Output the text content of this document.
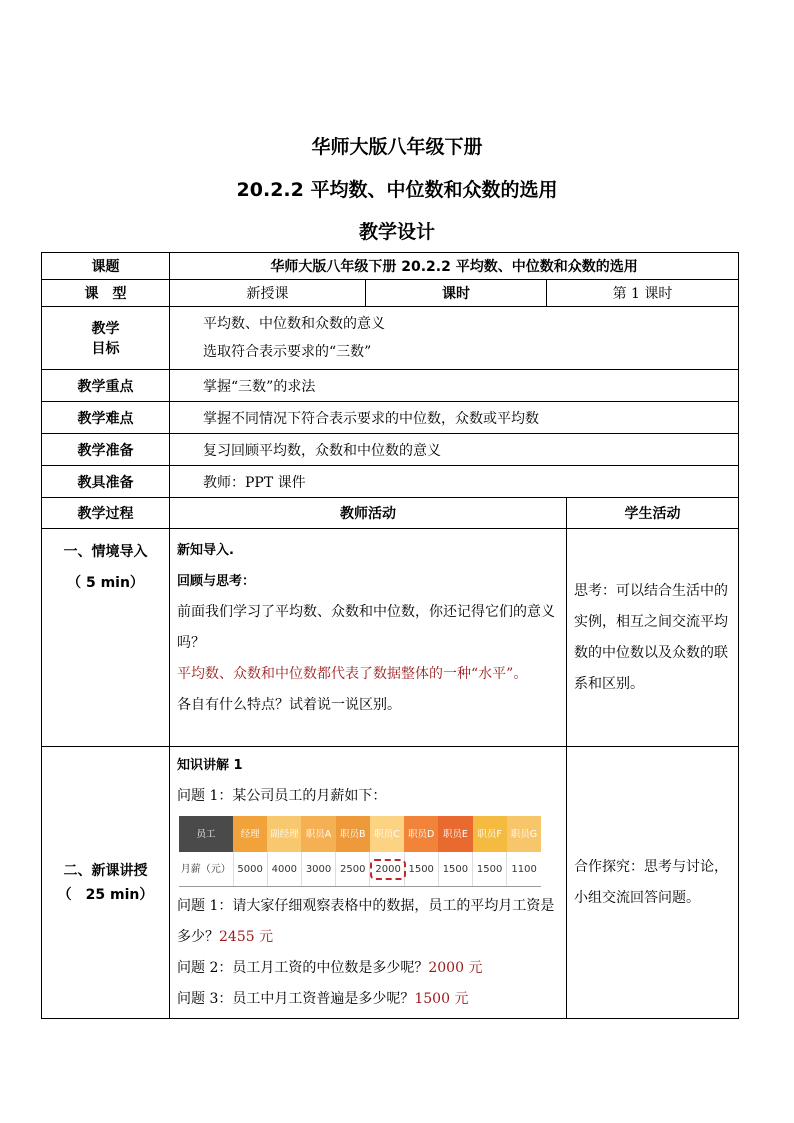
华师大版八年级下册
20.2.2 平均数、中位数和众数的选用
教学设计
课题	华师大版八年级下册 20.2.2 平均数、中位数和众数的选用
课　型	新授课	课时	第 1 课时

教学
目标

平均数、中位数和众数的意义
选取符合表示要求的“三数”

教学重点	掌握“三数”的求法
教学难点	掌握不同情况下符合表示要求的中位数，众数或平均数
教学准备	复习回顾平均数，众数和中位数的意义
教具准备	教师：PPT 课件
教学过程	教师活动	学生活动

一、情境导入
（ 5 min）

新知导入.
回顾与思考：
前面我们学习了平均数、众数和中位数，你还记得它们的意义吗？
平均数、众数和中位数都代表了数据整体的一种“水平”。
各自有什么特点？试着说一说区别。
	思考：可以结合生活中的实例，相互之间交流平均数的中位数以及众数的联系和区别。

二、新课讲授
（　25 min）

知识讲解 1
问题 1：某公司员工的月薪如下：
员工	经理	副经理	职员A	职员B	职员C	职员D	职员E	职员F	职员G
月薪（元）	5000	4000	3000	2500	2000	1500	1500	1500	1100
问题 1：请大家仔细观察表格中的数据，员工的平均月工资是多少？2455 元
问题 2：员工月工资的中位数是多少呢？2000 元
问题 3：员工中月工资普遍是多少呢？1500 元
	合作探究：思考与讨论，小组交流回答问题。
